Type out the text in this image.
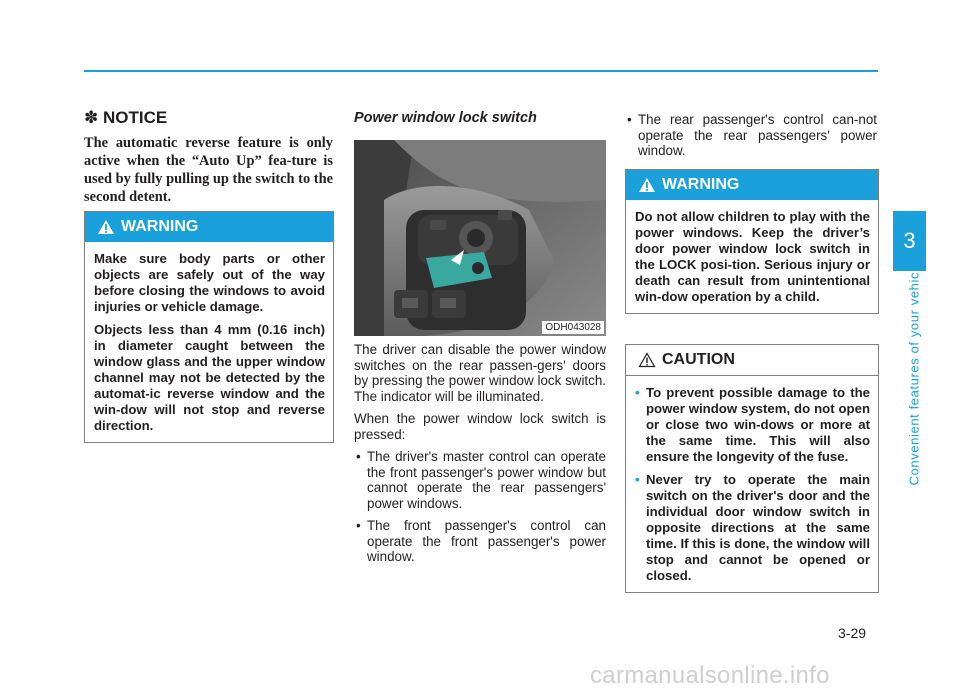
3
Convenient features of your vehicle

✽ NOTICE

The automatic reverse feature is only active when the “Auto Up” fea-ture is used by fully pulling up the switch to the second detent.

WARNING

Make sure body parts or other objects are safely out of the way before closing the windows to avoid injuries or vehicle damage.

Objects less than 4 mm (0.16 inch) in diameter caught between the window glass and the upper window channel may not be detected by the automat-ic reverse window and the win-dow will not stop and reverse direction.

Power window lock switch

ODH043028

The driver can disable the power window switches on the rear passen-gers' doors by pressing the power window lock switch. The indicator will be illuminated.

When the power window lock switch is pressed:

• The driver's master control can operate the front passenger's power window but cannot operate the rear passengers' power windows.
• The front passenger's control can operate the front passenger's power window.
• The rear passenger's control can-not operate the rear passengers' power window.
WARNING

Do not allow children to play with the power windows. Keep the driver’s door power window lock switch in the LOCK posi-tion. Serious injury or death can result from unintentional win-dow operation by a child.

CAUTION
• To prevent possible damage to the power window system, do not open or close two win-dows or more at the same time. This will also ensure the longevity of the fuse.
• Never try to operate the main switch on the driver's door and the individual door window switch in opposite directions at the same time. If this is done, the window will stop and cannot be opened or closed.
3-29
carmanualsonline.info
